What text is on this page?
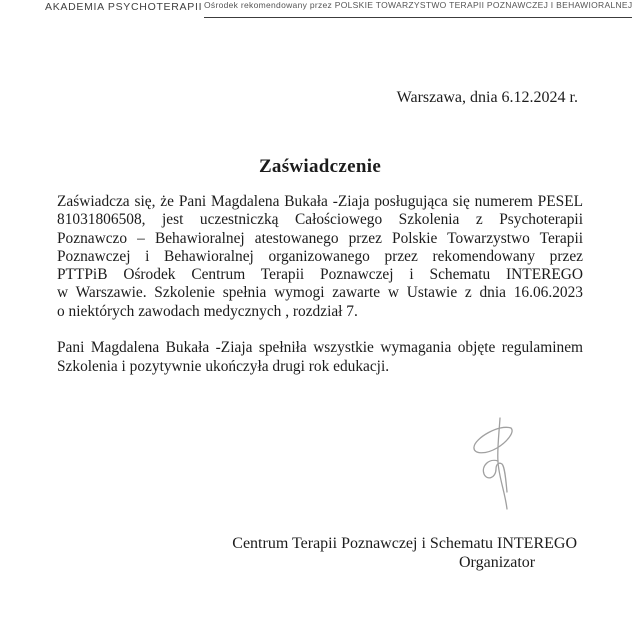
AKADEMIA PSYCHOTERAPII Ośrodek rekomendowany przez POLSKIE TOWARZYSTWO TERAPII POZNAWCZEJ I BEHAWIORALNEJ
Warszawa, dnia 6.12.2024 r.
Zaświadczenie
Zaświadcza się, że Pani Magdalena Bukała -Ziaja posługująca się numerem PESEL
81031806508, jest uczestniczką Całościowego Szkolenia z Psychoterapii
Poznawczo – Behawioralnej atestowanego przez Polskie Towarzystwo Terapii
Poznawczej i Behawioralnej organizowanego przez rekomendowany przez
PTTPiB Ośrodek Centrum Terapii Poznawczej i Schematu INTEREGO
w Warszawie. Szkolenie spełnia wymogi zawarte w Ustawie z dnia 16.06.2023
o niektórych zawodach medycznych , rozdział 7.
Pani Magdalena Bukała -Ziaja spełniła wszystkie wymagania objęte regulaminem
Szkolenia i pozytywnie ukończyła drugi rok edukacji.
Centrum Terapii Poznawczej i Schematu INTEREGO
Organizator
